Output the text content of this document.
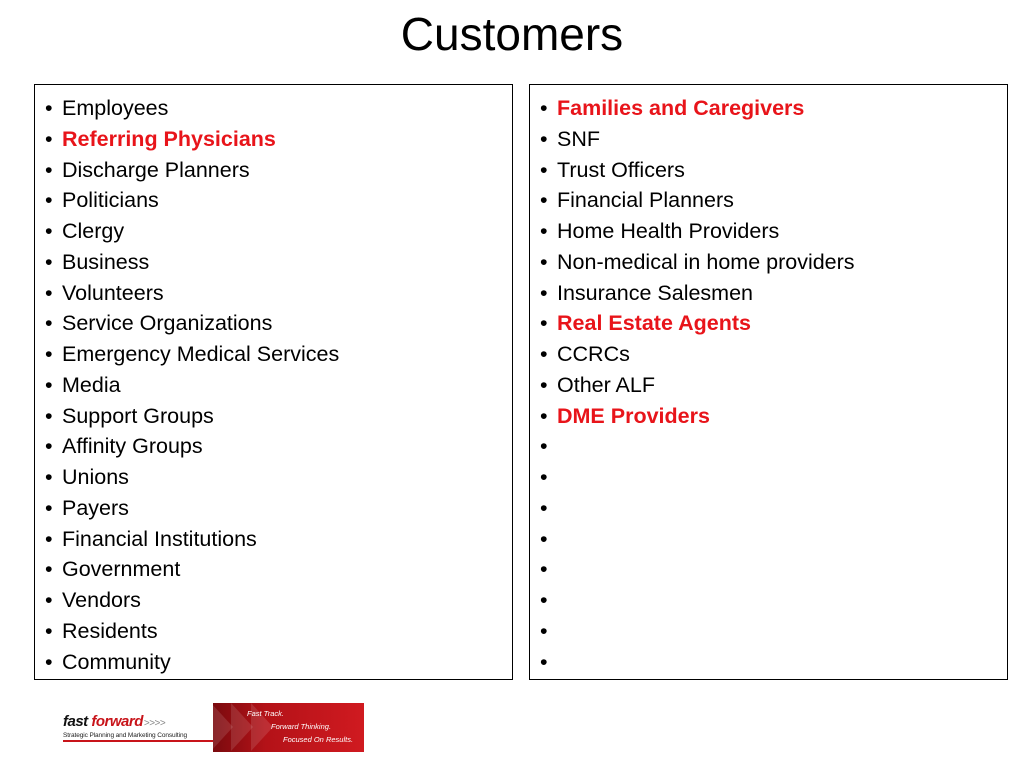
Customers
• Employees
• Referring Physicians
• Discharge Planners
• Politicians
• Clergy
• Business
• Volunteers
• Service Organizations
• Emergency Medical Services
• Media
• Support Groups
• Affinity Groups
• Unions
• Payers
• Financial Institutions
• Government
• Vendors
• Residents
• Community
• Families and Caregivers
• SNF
• Trust Officers
• Financial Planners
• Home Health Providers
• Non-medical in home providers
• Insurance Salesmen
• Real Estate Agents
• CCRCs
• Other ALF
• DME Providers
•
•
•
•
•
•
•
•
fast forward>>>>
Strategic Planning and Marketing Consulting
Fast Track.
Forward Thinking.
Focused On Results.
